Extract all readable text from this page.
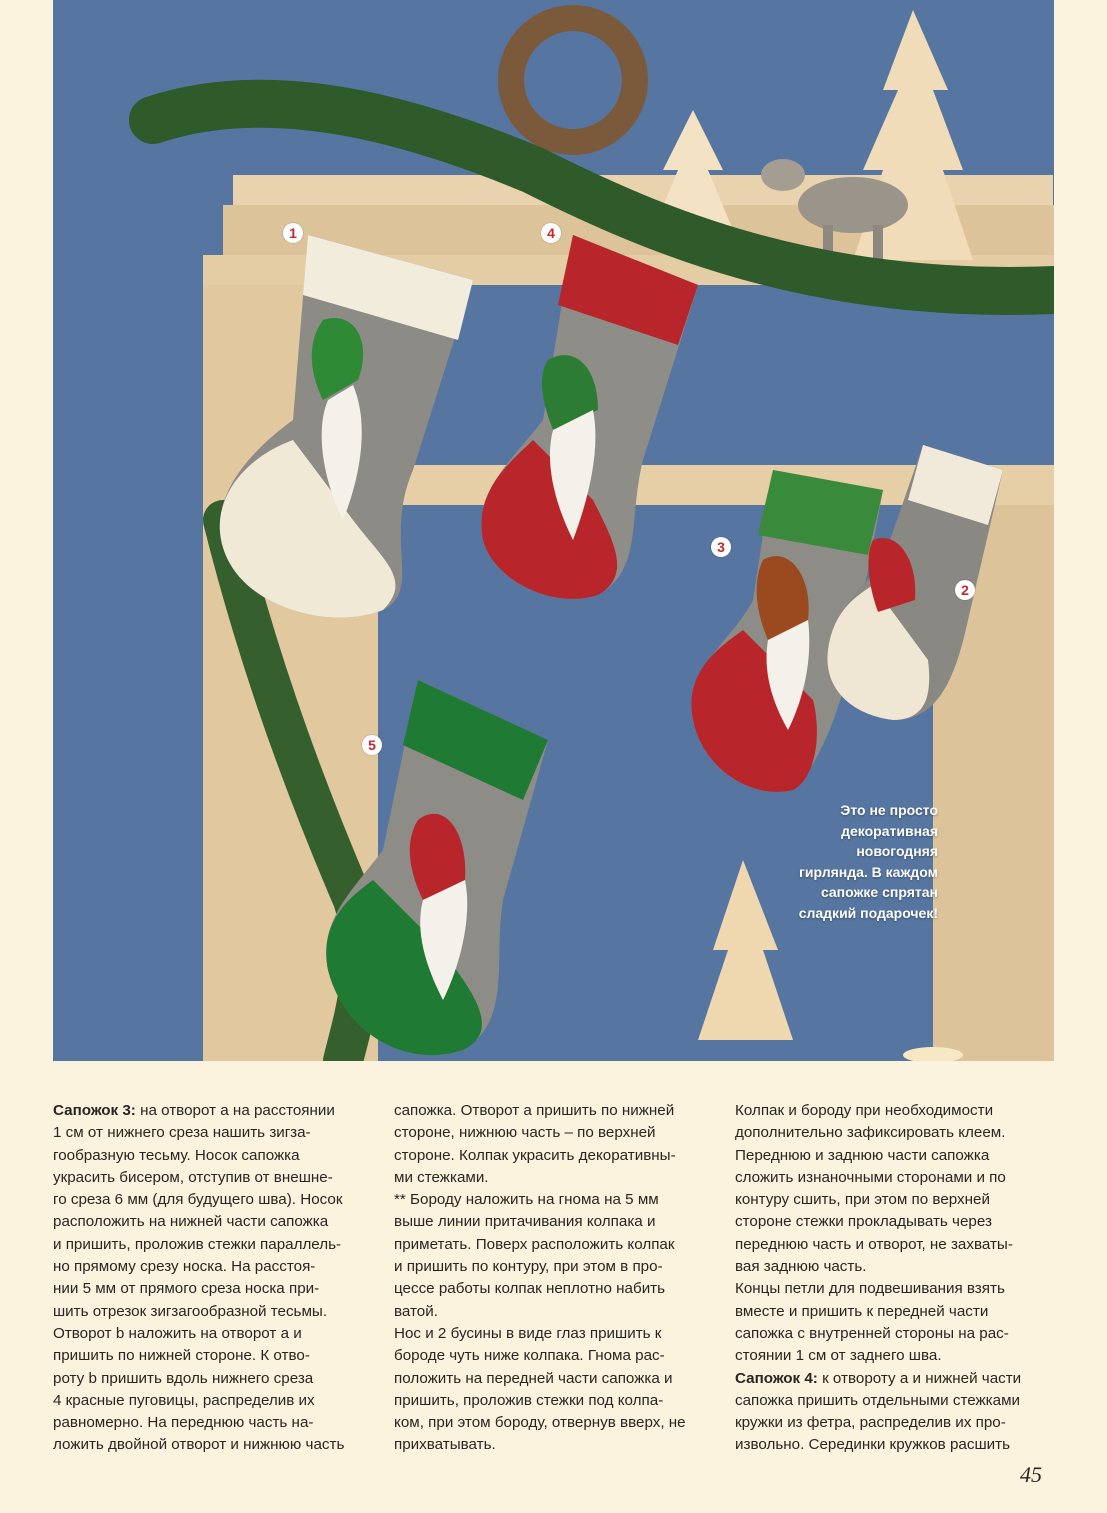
1
2
3
4
5
Это не просто
декоративная
новогодняя
гирлянда. В каждом
сапожке спрятан
сладкий подарочек!

Сапожок 3: на отворот а на расстоянии

1 см от нижнего среза нашить зигза-

гообразную тесьму. Носок сапожка

украсить бисером, отступив от внешне-

го среза 6 мм (для будущего шва). Носок

расположить на нижней части сапожка

и пришить, проложив стежки параллель-

но прямому срезу носка. На расстоя-

нии 5 мм от прямого среза носка при-

шить отрезок зигзагообразной тесьмы.

Отворот b наложить на отворот a и

пришить по нижней стороне. К отво-

роту b пришить вдоль нижнего среза

4 красные пуговицы, распределив их

равномерно. На переднюю часть на-

ложить двойной отворот и нижнюю часть

сапожка. Отворот а пришить по нижней

стороне, нижнюю часть – по верхней

стороне. Колпак украсить декоративны-

ми стежками.

** Бороду наложить на гнома на 5 мм

выше линии притачивания колпака и

приметать. Поверх расположить колпак

и пришить по контуру, при этом в про-

цессе работы колпак неплотно набить

ватой.

Нос и 2 бусины в виде глаз пришить к

бороде чуть ниже колпака. Гнома рас-

положить на передней части сапожка и

пришить, проложив стежки под колпа-

ком, при этом бороду, отвернув вверх, не

прихватывать.

Колпак и бороду при необходимости

дополнительно зафиксировать клеем.

Переднюю и заднюю части сапожка

сложить изнаночными сторонами и по

контуру сшить, при этом по верхней

стороне стежки прокладывать через

переднюю часть и отворот, не захваты-

вая заднюю часть.

Концы петли для подвешивания взять

вместе и пришить к передней части

сапожка с внутренней стороны на рас-

стоянии 1 см от заднего шва.

Сапожок 4: к отвороту а и нижней части

сапожка пришить отдельными стежками

кружки из фетра, распределив их про-

извольно. Серединки кружков расшить

45
